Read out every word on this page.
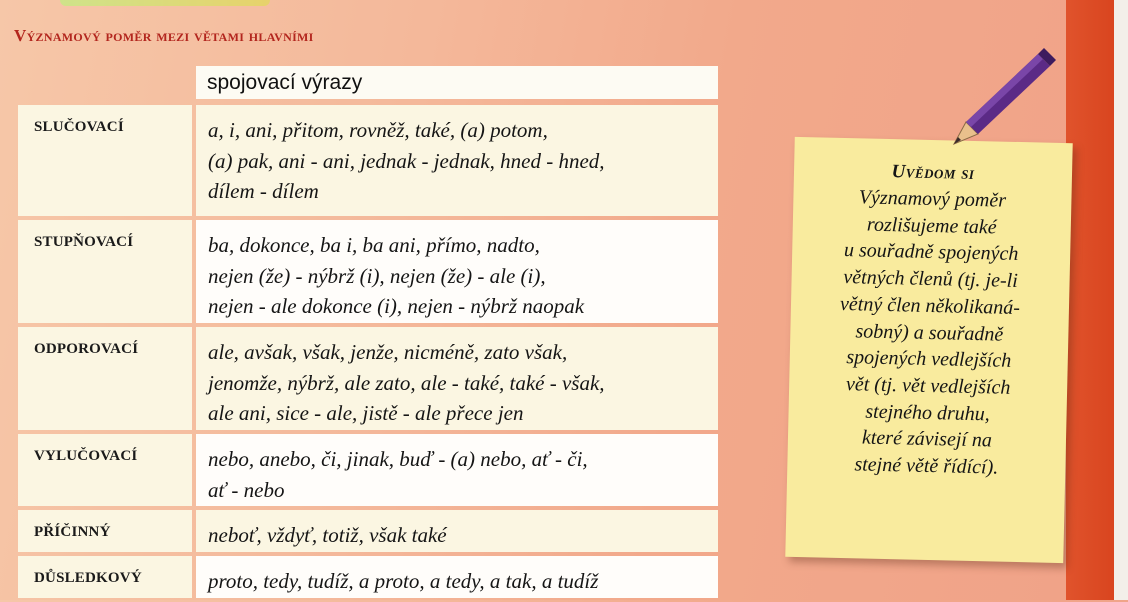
Významový poměr mezi větami hlavními
spojovací výrazy
SLUČOVACÍ	a, i, ani, přitom, rovněž, také, (a) potom,
(a) pak, ani - ani, jednak - jednak, hned - hned,
dílem - dílem
STUPŇOVACÍ	ba, dokonce, ba i, ba ani, přímo, nadto,
nejen (že) - nýbrž (i), nejen (že) - ale (i),
nejen - ale dokonce (i), nejen - nýbrž naopak
ODPOROVACÍ	ale, avšak, však, jenže, nicméně, zato však,
jenomže, nýbrž, ale zato, ale - také, také - však,
ale ani, sice - ale, jistě - ale přece jen
VYLUČOVACÍ	nebo, anebo, či, jinak, buď - (a) nebo, ať - či,
ať - nebo
PŘÍČINNÝ	neboť, vždyť, totiž, však také
DŮSLEDKOVÝ	proto, tedy, tudíž, a proto, a tedy, a tak, a tudíž
Uvědom si
Významový poměr
rozlišujeme také
u souřadně spojených
větných členů (tj. je-li
větný člen několikaná-
sobný) a souřadně
spojených vedlejších
vět (tj. vět vedlejších
stejného druhu,
které závisejí na
stejné větě řídící).
